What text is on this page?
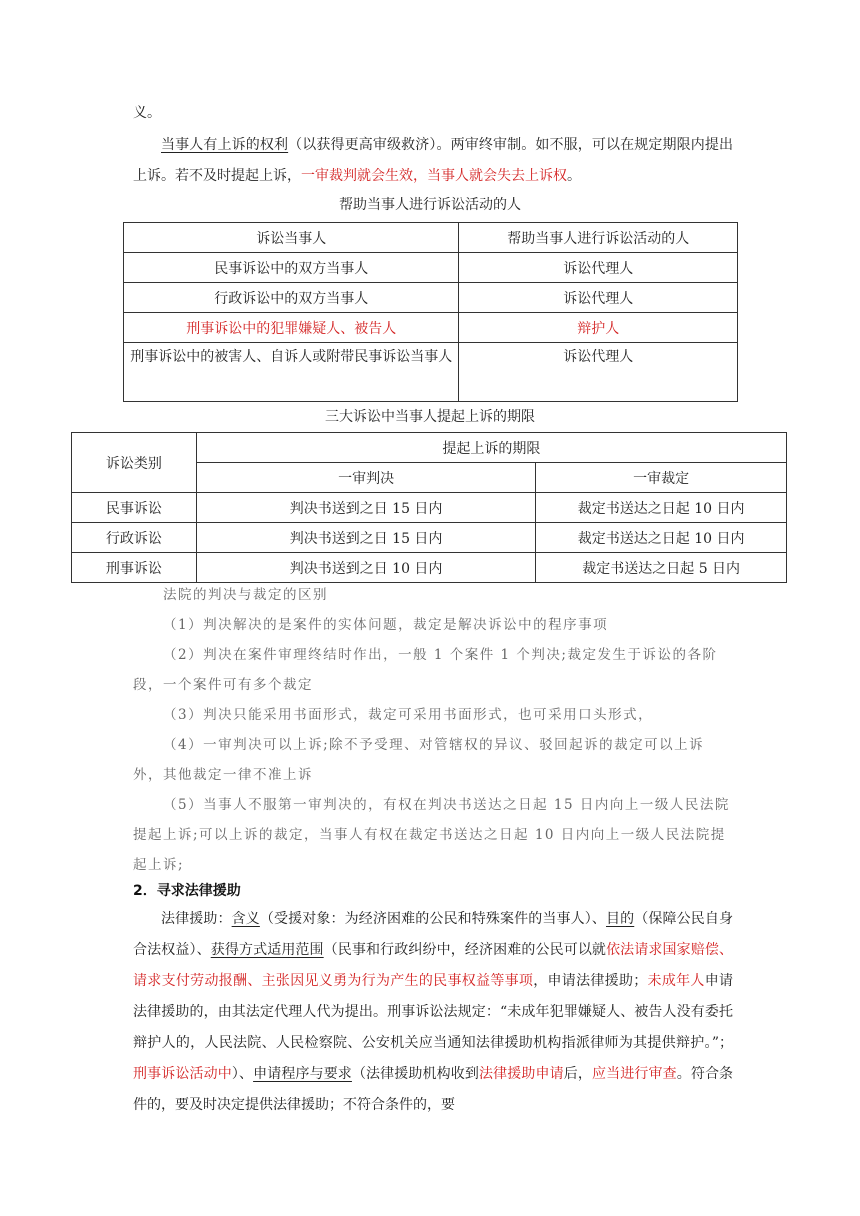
义。
当事人有上诉的权利（以获得更高审级救济）。两审终审制。如不服，可以在规定期限内提出上诉。若不及时提起上诉，一审裁判就会生效，当事人就会失去上诉权。
帮助当事人进行诉讼活动的人
诉讼当事人	帮助当事人进行诉讼活动的人
民事诉讼中的双方当事人	诉讼代理人
行政诉讼中的双方当事人	诉讼代理人
刑事诉讼中的犯罪嫌疑人、被告人	辩护人
刑事诉讼中的被害人、自诉人或附带民事诉讼当事人	诉讼代理人
三大诉讼中当事人提起上诉的期限
诉讼类别	提起上诉的期限	
	一审判决	一审裁定
民事诉讼	判决书送到之日 15 日内	裁定书送达之日起 10 日内
行政诉讼	判决书送到之日 15 日内	裁定书送达之日起 10 日内
刑事诉讼	判决书送到之日 10 日内	裁定书送达之日起 5 日内
法院的判决与裁定的区别
（1）判决解决的是案件的实体问题，裁定是解决诉讼中的程序事项
（2）判决在案件审理终结时作出，一般 1 个案件 1 个判决;裁定发生于诉讼的各阶段，一个案件可有多个裁定
（3）判决只能采用书面形式，裁定可采用书面形式，也可采用口头形式，
（4）一审判决可以上诉;除不予受理、对管辖权的异议、驳回起诉的裁定可以上诉外，其他裁定一律不准上诉
（5）当事人不服第一审判决的，有权在判决书送达之日起 15 日内向上一级人民法院提起上诉;可以上诉的裁定，当事人有权在裁定书送达之日起 10 日内向上一级人民法院提起上诉;
2．寻求法律援助
法律援助：含义（受援对象：为经济困难的公民和特殊案件的当事人）、目的（保障公民自身合法权益）、获得方式适用范围（民事和行政纠纷中，经济困难的公民可以就依法请求国家赔偿、请求支付劳动报酬、主张因见义勇为行为产生的民事权益等事项，申请法律援助；未成年人申请法律援助的，由其法定代理人代为提出。刑事诉讼法规定：“未成年犯罪嫌疑人、被告人没有委托辩护人的，人民法院、人民检察院、公安机关应当通知法律援助机构指派律师为其提供辩护。”；刑事诉讼活动中）、申请程序与要求（法律援助机构收到法律援助申请后，应当进行审查。符合条件的，要及时决定提供法律援助；不符合条件的，要
